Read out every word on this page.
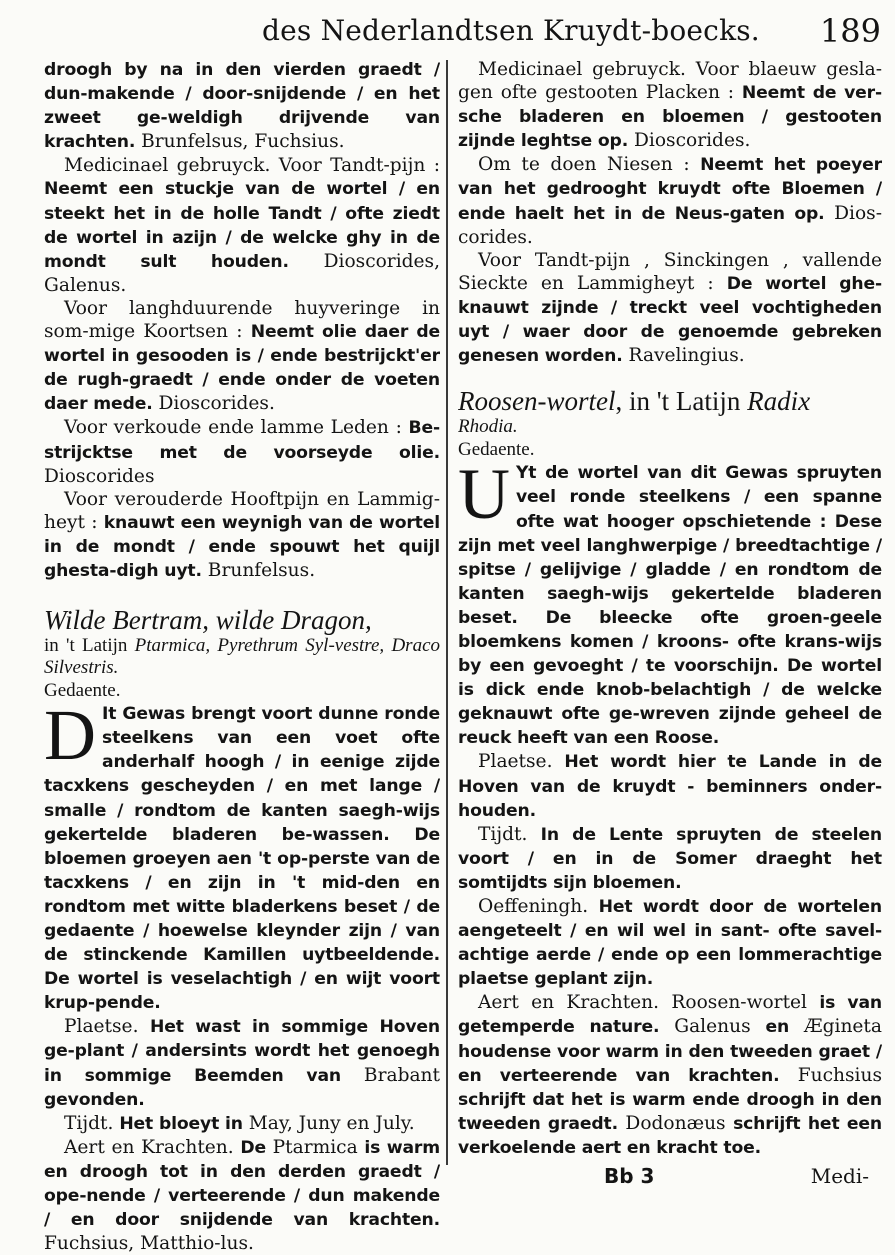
des Nederlandtsen Kruydt-boecks. 189

droogh by na in den vierden graedt / dun-makende / door-snijdende / en het zweet ge-weldigh drijvende van krachten. Brunfelsus, Fuchsius.

Medicinael gebruyck. Voor Tandt-pijn : Neemt een stuckje van de wortel / en steekt het in de holle Tandt / ofte ziedt de wortel in azijn / de welcke ghy in de mondt sult houden. Dioscorides, Galenus.

Voor langhduurende huyveringe in som-mige Koortsen : Neemt olie daer de wortel in gesooden is / ende bestrijckt'er de rugh-graedt / ende onder de voeten daer mede. Dioscorides.

Voor verkoude ende lamme Leden : Be-strijcktse met de voorseyde olie. Dioscorides

Voor verouderde Hooftpijn en Lammig-heyt : knauwt een weynigh van de wortel in de mondt / ende spouwt het quijl ghesta-digh uyt. Brunfelsus.

Wilde Bertram, wilde Dragon,

in 't Latijn Ptarmica, Pyrethrum Syl-vestre, Draco Silvestris.

Gedaente.

D It Gewas brengt voort dunne ronde steelkens van een voet ofte anderhalf hoogh / in eenige zijde tacxkens gescheyden / en met lange / smalle / rondtom de kanten saegh-wijs gekertelde bladeren be-wassen. De bloemen groeyen aen 't op-perste van de tacxkens / en zijn in 't mid-den en rondtom met witte bladerkens beset / de gedaente / hoewelse kleynder zijn / van de stinckende Kamillen uytbeeldende. De wortel is veselachtigh / en wijt voort krup-pende.

Plaetse. Het wast in sommige Hoven ge-plant / andersints wordt het genoegh in sommige Beemden van Brabant gevonden.

Tijdt. Het bloeyt in May, Juny en July.

Aert en Krachten. De Ptarmica is warm en droogh tot in den derden graedt / ope-nende / verteerende / dun makende / en door snijdende van krachten. Fuchsius, Matthio-lus.

Medicinael gebruyck. Voor blaeuw gesla-gen ofte gestooten Placken : Neemt de ver-sche bladeren en bloemen / gestooten zijnde leghtse op. Dioscorides.

Om te doen Niesen : Neemt het poeyer van het gedrooght kruydt ofte Bloemen / ende haelt het in de Neus-gaten op. Dios-corides.

Voor Tandt-pijn , Sinckingen , vallende Sieckte en Lammigheyt : De wortel ghe-knauwt zijnde / treckt veel vochtigheden uyt / waer door de genoemde gebreken genesen worden. Ravelingius.

Roosen-wortel, in 't Latijn Radix

Rhodia.

Gedaente.

U Yt de wortel van dit Gewas spruyten veel ronde steelkens / een spanne ofte wat hooger opschietende : Dese zijn met veel langhwerpige / breedtachtige / spitse / gelijvige / gladde / en rondtom de kanten saegh-wijs gekertelde bladeren beset. De bleecke ofte groen-geele bloemkens komen / kroons- ofte krans-wijs by een gevoeght / te voorschijn. De wortel is dick ende knob-belachtigh / de welcke geknauwt ofte ge-wreven zijnde geheel de reuck heeft van een Roose.

Plaetse. Het wordt hier te Lande in de Hoven van de kruydt - beminners onder-houden.

Tijdt. In de Lente spruyten de steelen voort / en in de Somer draeght het somtijdts sijn bloemen.

Oeffeningh. Het wordt door de wortelen aengeteelt / en wil wel in sant- ofte savel-achtige aerde / ende op een lommerachtige plaetse geplant zijn.

Aert en Krachten. Roosen-wortel is van getemperde nature. Galenus en Ægineta houdense voor warm in den tweeden graet / en verteerende van krachten. Fuchsius schrijft dat het is warm ende droogh in den tweeden graedt. Dodonæus schrijft het een verkoelende aert en kracht toe.

Bb 3	Medi-
